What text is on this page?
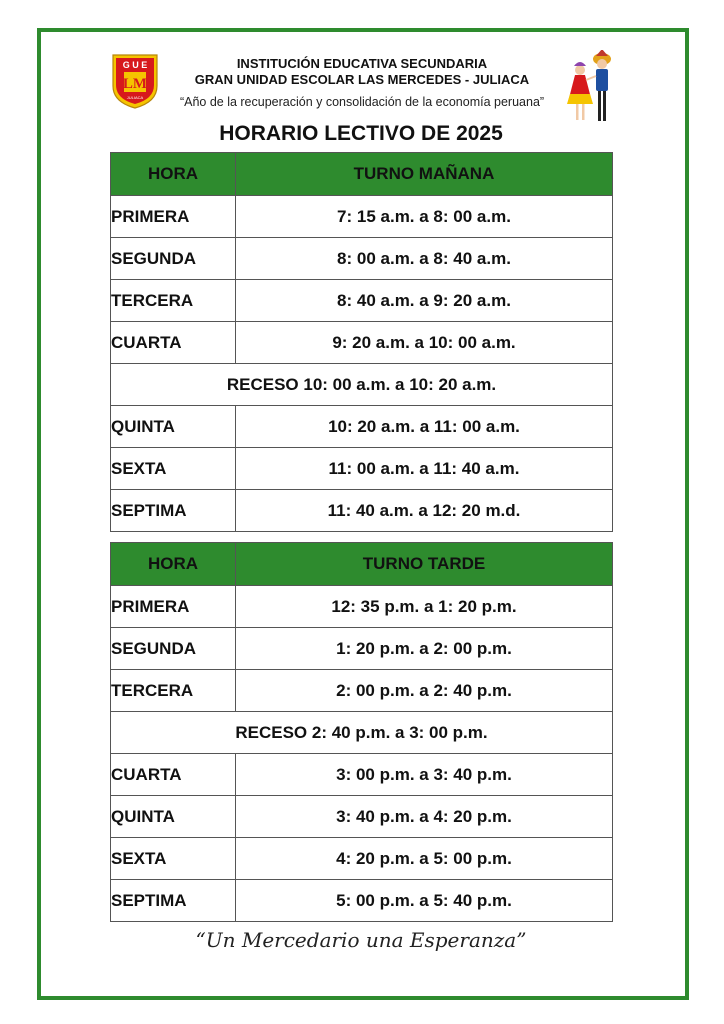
G U E
LM
JULIACA
INSTITUCIÓN EDUCATIVA SECUNDARIA
GRAN UNIDAD ESCOLAR LAS MERCEDES - JULIACA
“Año de la recuperación y consolidación de la economía peruana”
HORARIO LECTIVO DE 2025
HORA	TURNO MAÑANA
PRIMERA	7: 15 a.m. a 8: 00 a.m.
SEGUNDA	8: 00 a.m. a 8: 40 a.m.
TERCERA	8: 40 a.m. a 9: 20 a.m.
CUARTA	9: 20 a.m. a 10: 00 a.m.
RECESO 10: 00 a.m. a 10: 20 a.m.	
QUINTA	10: 20 a.m. a 11: 00 a.m.
SEXTA	11: 00 a.m. a 11: 40 a.m.
SEPTIMA	11: 40 a.m. a 12: 20 m.d.
HORA	TURNO TARDE
PRIMERA	12: 35 p.m. a 1: 20 p.m.
SEGUNDA	1: 20 p.m. a 2: 00 p.m.
TERCERA	2: 00 p.m. a 2: 40 p.m.
RECESO 2: 40 p.m. a 3: 00 p.m.	
CUARTA	3: 00 p.m. a 3: 40 p.m.
QUINTA	3: 40 p.m. a 4: 20 p.m.
SEXTA	4: 20 p.m. a 5: 00 p.m.
SEPTIMA	5: 00 p.m. a 5: 40 p.m.
“Un Mercedario una Esperanza”
